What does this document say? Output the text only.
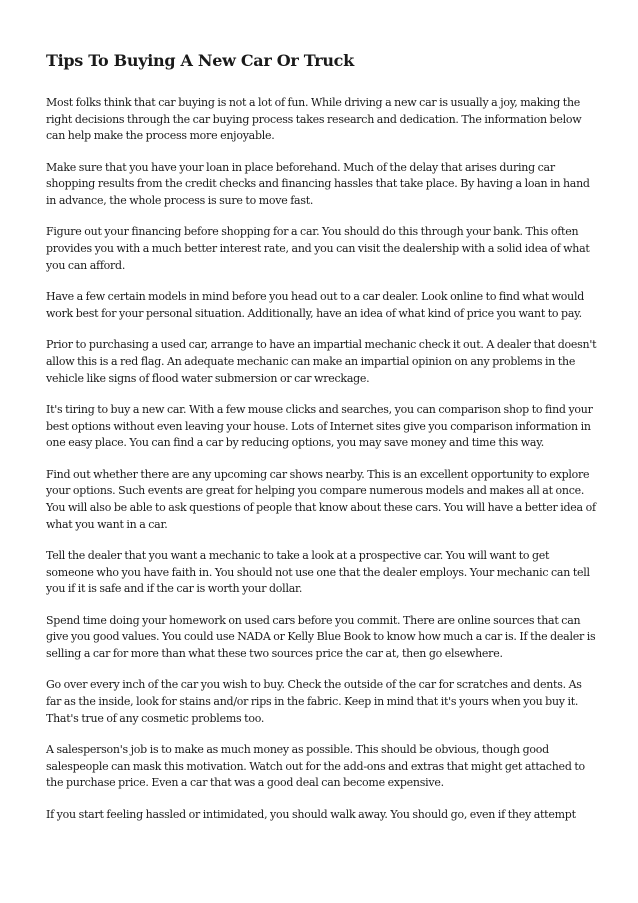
Tips To Buying A New Car Or Truck

Most folks think that car buying is not a lot of fun. While driving a new car is usually a joy, making the right decisions through the car buying process takes research and dedication. The information below can help make the process more enjoyable.

Make sure that you have your loan in place beforehand. Much of the delay that arises during car shopping results from the credit checks and financing hassles that take place. By having a loan in hand in advance, the whole process is sure to move fast.

Figure out your financing before shopping for a car. You should do this through your bank. This often provides you with a much better interest rate, and you can visit the dealership with a solid idea of what you can afford.

Have a few certain models in mind before you head out to a car dealer. Look online to find what would work best for your personal situation. Additionally, have an idea of what kind of price you want to pay.

Prior to purchasing a used car, arrange to have an impartial mechanic check it out. A dealer that doesn't allow this is a red flag. An adequate mechanic can make an impartial opinion on any problems in the vehicle like signs of flood water submersion or car wreckage.

It's tiring to buy a new car. With a few mouse clicks and searches, you can comparison shop to find your best options without even leaving your house. Lots of Internet sites give you comparison information in one easy place. You can find a car by reducing options, you may save money and time this way.

Find out whether there are any upcoming car shows nearby. This is an excellent opportunity to explore your options. Such events are great for helping you compare numerous models and makes all at once. You will also be able to ask questions of people that know about these cars. You will have a better idea of what you want in a car.

Tell the dealer that you want a mechanic to take a look at a prospective car. You will want to get someone who you have faith in. You should not use one that the dealer employs. Your mechanic can tell you if it is safe and if the car is worth your dollar.

Spend time doing your homework on used cars before you commit. There are online sources that can give you good values. You could use NADA or Kelly Blue Book to know how much a car is. If the dealer is selling a car for more than what these two sources price the car at, then go elsewhere.

Go over every inch of the car you wish to buy. Check the outside of the car for scratches and dents. As far as the inside, look for stains and/or rips in the fabric. Keep in mind that it's yours when you buy it. That's true of any cosmetic problems too.

A salesperson's job is to make as much money as possible. This should be obvious, though good salespeople can mask this motivation. Watch out for the add-ons and extras that might get attached to the purchase price. Even a car that was a good deal can become expensive.

If you start feeling hassled or intimidated, you should walk away. You should go, even if they attempt
